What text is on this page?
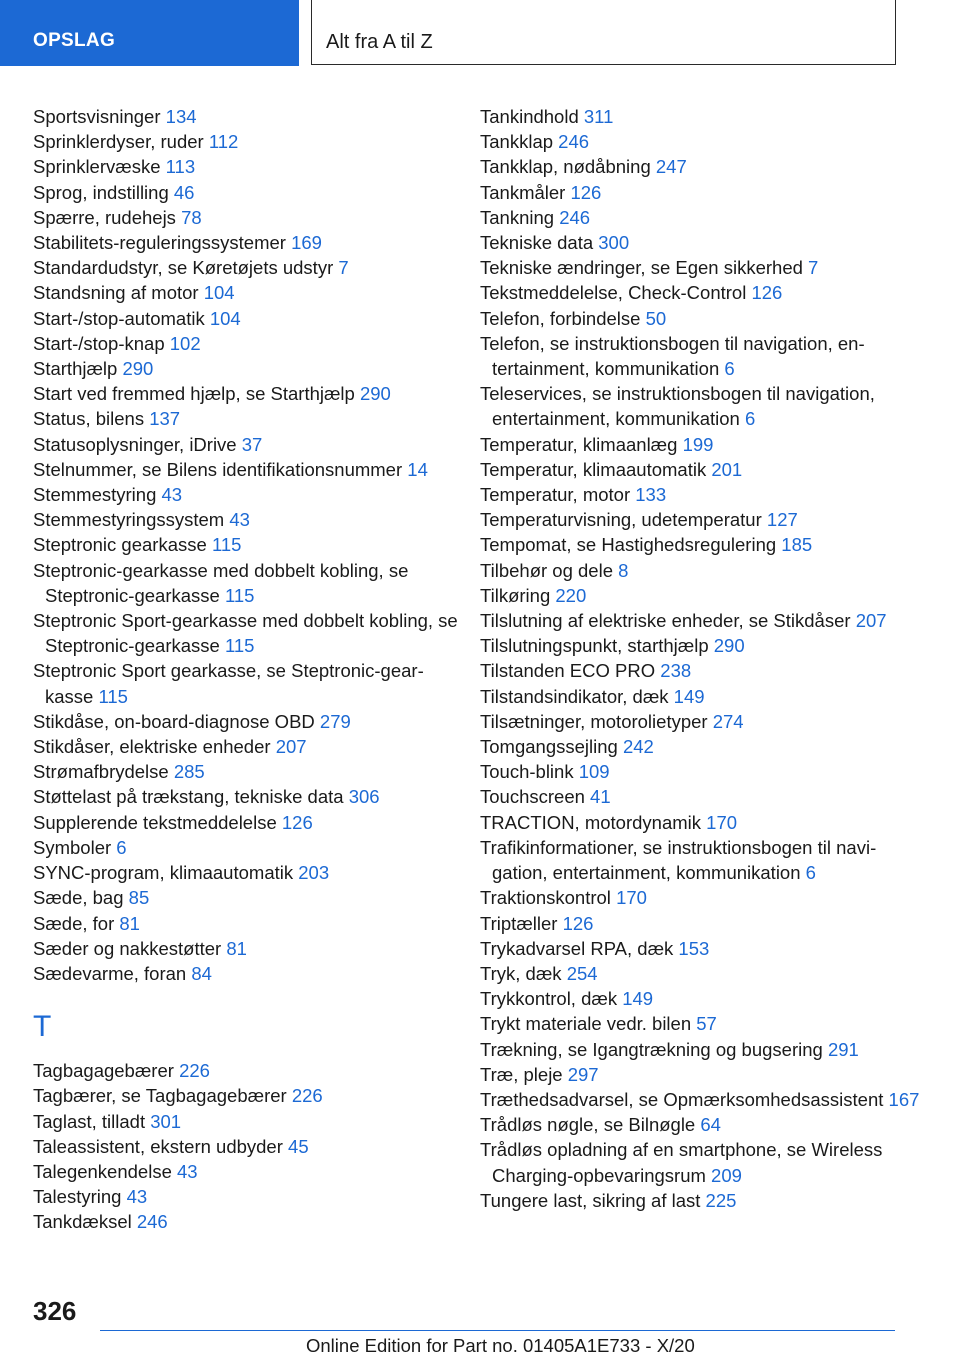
OPSLAG	Alt fra A til Z
Sportsvisninger 134
Sprinklerdyser, ruder 112
Sprinklervæske 113
Sprog, indstilling 46
Spærre, rudehejs 78
Stabilitets-reguleringssystemer 169
Standardudstyr, se Køretøjets udstyr 7
Standsning af motor 104
Start-/stop-automatik 104
Start-/stop-knap 102
Starthjælp 290
Start ved fremmed hjælp, se Starthjælp 290
Status, bilens 137
Statusoplysninger, iDrive 37
Stelnummer, se Bilens identifikationsnummer 14
Stemmestyring 43
Stemmestyringssystem 43
Steptronic gearkasse 115
Steptronic-gearkasse med dobbelt kobling, se Steptronic-gearkasse 115
Steptronic Sport-gearkasse med dobbelt kobling, se Steptronic-gearkasse 115
Steptronic Sport gearkasse, se Steptronic-gearkasse 115
Stikdåse, on-board-diagnose OBD 279
Stikdåser, elektriske enheder 207
Strømafbrydelse 285
Støttelast på trækstang, tekniske data 306
Supplerende tekstmeddelelse 126
Symboler 6
SYNC-program, klimaautomatik 203
Sæde, bag 85
Sæde, for 81
Sæder og nakkestøtter 81
Sædevarme, foran 84
T
Tagbagagebærer 226
Tagbærer, se Tagbagagebærer 226
Taglast, tilladt 301
Taleassistent, ekstern udbyder 45
Talegenkendelse 43
Talestyring 43
Tankdæksel 246
Tankindhold 311
Tankklap 246
Tankklap, nødåbning 247
Tankmåler 126
Tankning 246
Tekniske data 300
Tekniske ændringer, se Egen sikkerhed 7
Tekstmeddelelse, Check-Control 126
Telefon, forbindelse 50
Telefon, se instruktionsbogen til navigation, entertainment, kommunikation 6
Teleservices, se instruktionsbogen til navigation, entertainment, kommunikation 6
Temperatur, klimaanlæg 199
Temperatur, klimaautomatik 201
Temperatur, motor 133
Temperaturvisning, udetemperatur 127
Tempomat, se Hastighedsregulering 185
Tilbehør og dele 8
Tilkøring 220
Tilslutning af elektriske enheder, se Stikdåser 207
Tilslutningspunkt, starthjælp 290
Tilstanden ECO PRO 238
Tilstandsindikator, dæk 149
Tilsætninger, motorolietyper 274
Tomgangssejling 242
Touch-blink 109
Touchscreen 41
TRACTION, motordynamik 170
Trafikinformationer, se instruktionsbogen til navigation, entertainment, kommunikation 6
Traktionskontrol 170
Triptæller 126
Trykadvarsel RPA, dæk 153
Tryk, dæk 254
Trykkontrol, dæk 149
Trykt materiale vedr. bilen 57
Trækning, se Igangtrækning og bugsering 291
Træ, pleje 297
Træthedsadvarsel, se Opmærksomhedsassistent 167
Trådløs nøgle, se Bilnøgle 64
Trådløs opladning af en smartphone, se Wireless Charging-opbevaringsrum 209
Tungere last, sikring af last 225
326
Online Edition for Part no. 01405A1E733 - X/20
